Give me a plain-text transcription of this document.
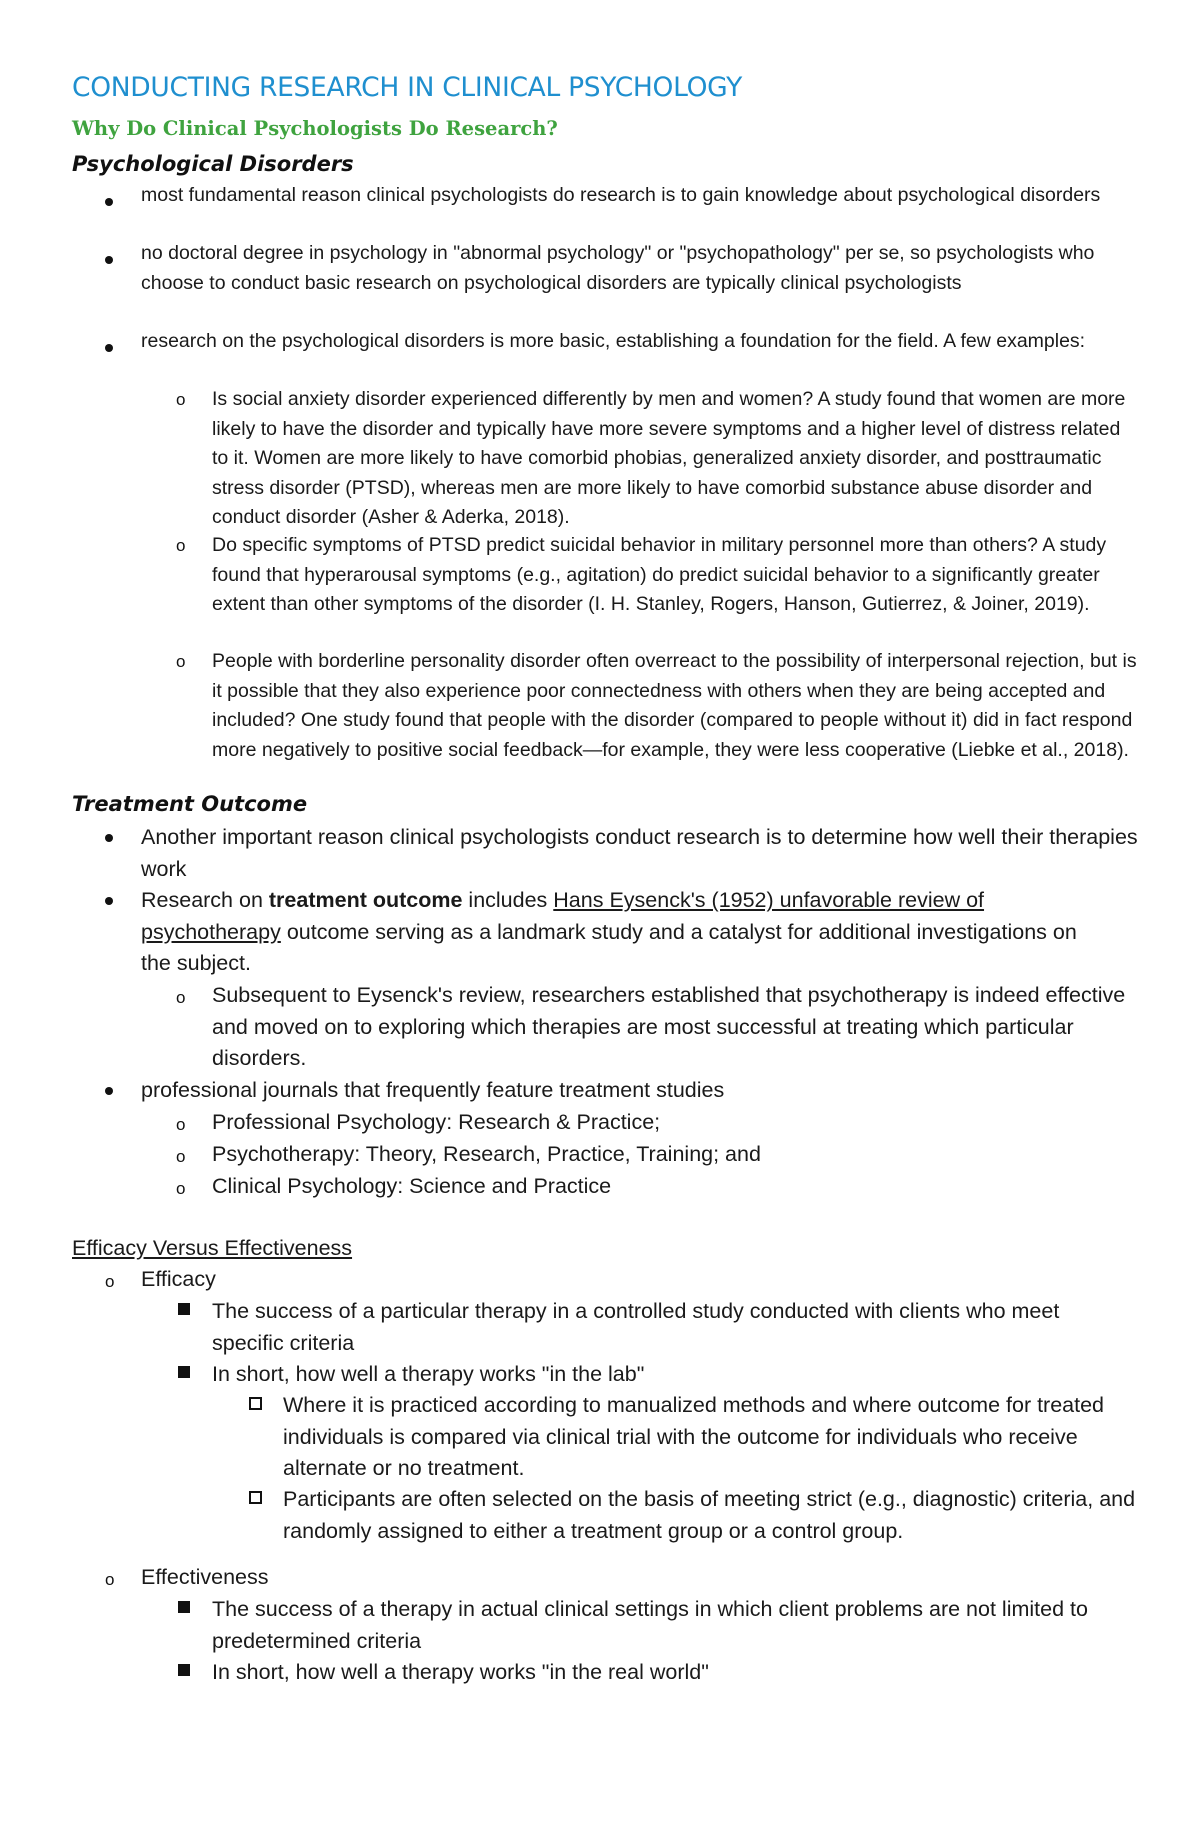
CONDUCTING RESEARCH IN CLINICAL PSYCHOLOGY
Why Do Clinical Psychologists Do Research?
Psychological Disorders

most fundamental reason clinical psychologists do research is to gain knowledge about psychological disorders

no doctoral degree in psychology in "abnormal psychology" or "psychopathology" per se, so psychologists who choose to conduct basic research on psychological disorders are typically clinical psychologists

research on the psychological disorders is more basic, establishing a foundation for the field. A few examples:

o Is social anxiety disorder experienced differently by men and women? A study found that women are more likely to have the disorder and typically have more severe symptoms and a higher level of distress related to it. Women are more likely to have comorbid phobias, generalized anxiety disorder, and posttraumatic stress disorder (PTSD), whereas men are more likely to have comorbid substance abuse disorder and conduct disorder (Asher & Aderka, 2018).

o Do specific symptoms of PTSD predict suicidal behavior in military personnel more than others? A study found that hyperarousal symptoms (e.g., agitation) do predict suicidal behavior to a significantly greater extent than other symptoms of the disorder (I. H. Stanley, Rogers, Hanson, Gutierrez, & Joiner, 2019).

o People with borderline personality disorder often overreact to the possibility of interpersonal rejection, but is it possible that they also experience poor connectedness with others when they are being accepted and included? One study found that people with the disorder (compared to people without it) did in fact respond more negatively to positive social feedback—for example, they were less cooperative (Liebke et al., 2018).

Treatment Outcome

Another important reason clinical psychologists conduct research is to determine how well their therapies work

Research on treatment outcome includes Hans Eysenck's (1952) unfavorable review of psychotherapy outcome serving as a landmark study and a catalyst for additional investigations on the subject.

o Subsequent to Eysenck's review, researchers established that psychotherapy is indeed effective and moved on to exploring which therapies are most successful at treating which particular disorders.

professional journals that frequently feature treatment studies

o Professional Psychology: Research & Practice;

o Psychotherapy: Theory, Research, Practice, Training; and

o Clinical Psychology: Science and Practice

Efficacy Versus Effectiveness

o Efficacy

The success of a particular therapy in a controlled study conducted with clients who meet specific criteria

In short, how well a therapy works "in the lab"

Where it is practiced according to manualized methods and where outcome for treated individuals is compared via clinical trial with the outcome for individuals who receive alternate or no treatment.

Participants are often selected on the basis of meeting strict (e.g., diagnostic) criteria, and randomly assigned to either a treatment group or a control group.

o Effectiveness

The success of a therapy in actual clinical settings in which client problems are not limited to predetermined criteria

In short, how well a therapy works "in the real world"
